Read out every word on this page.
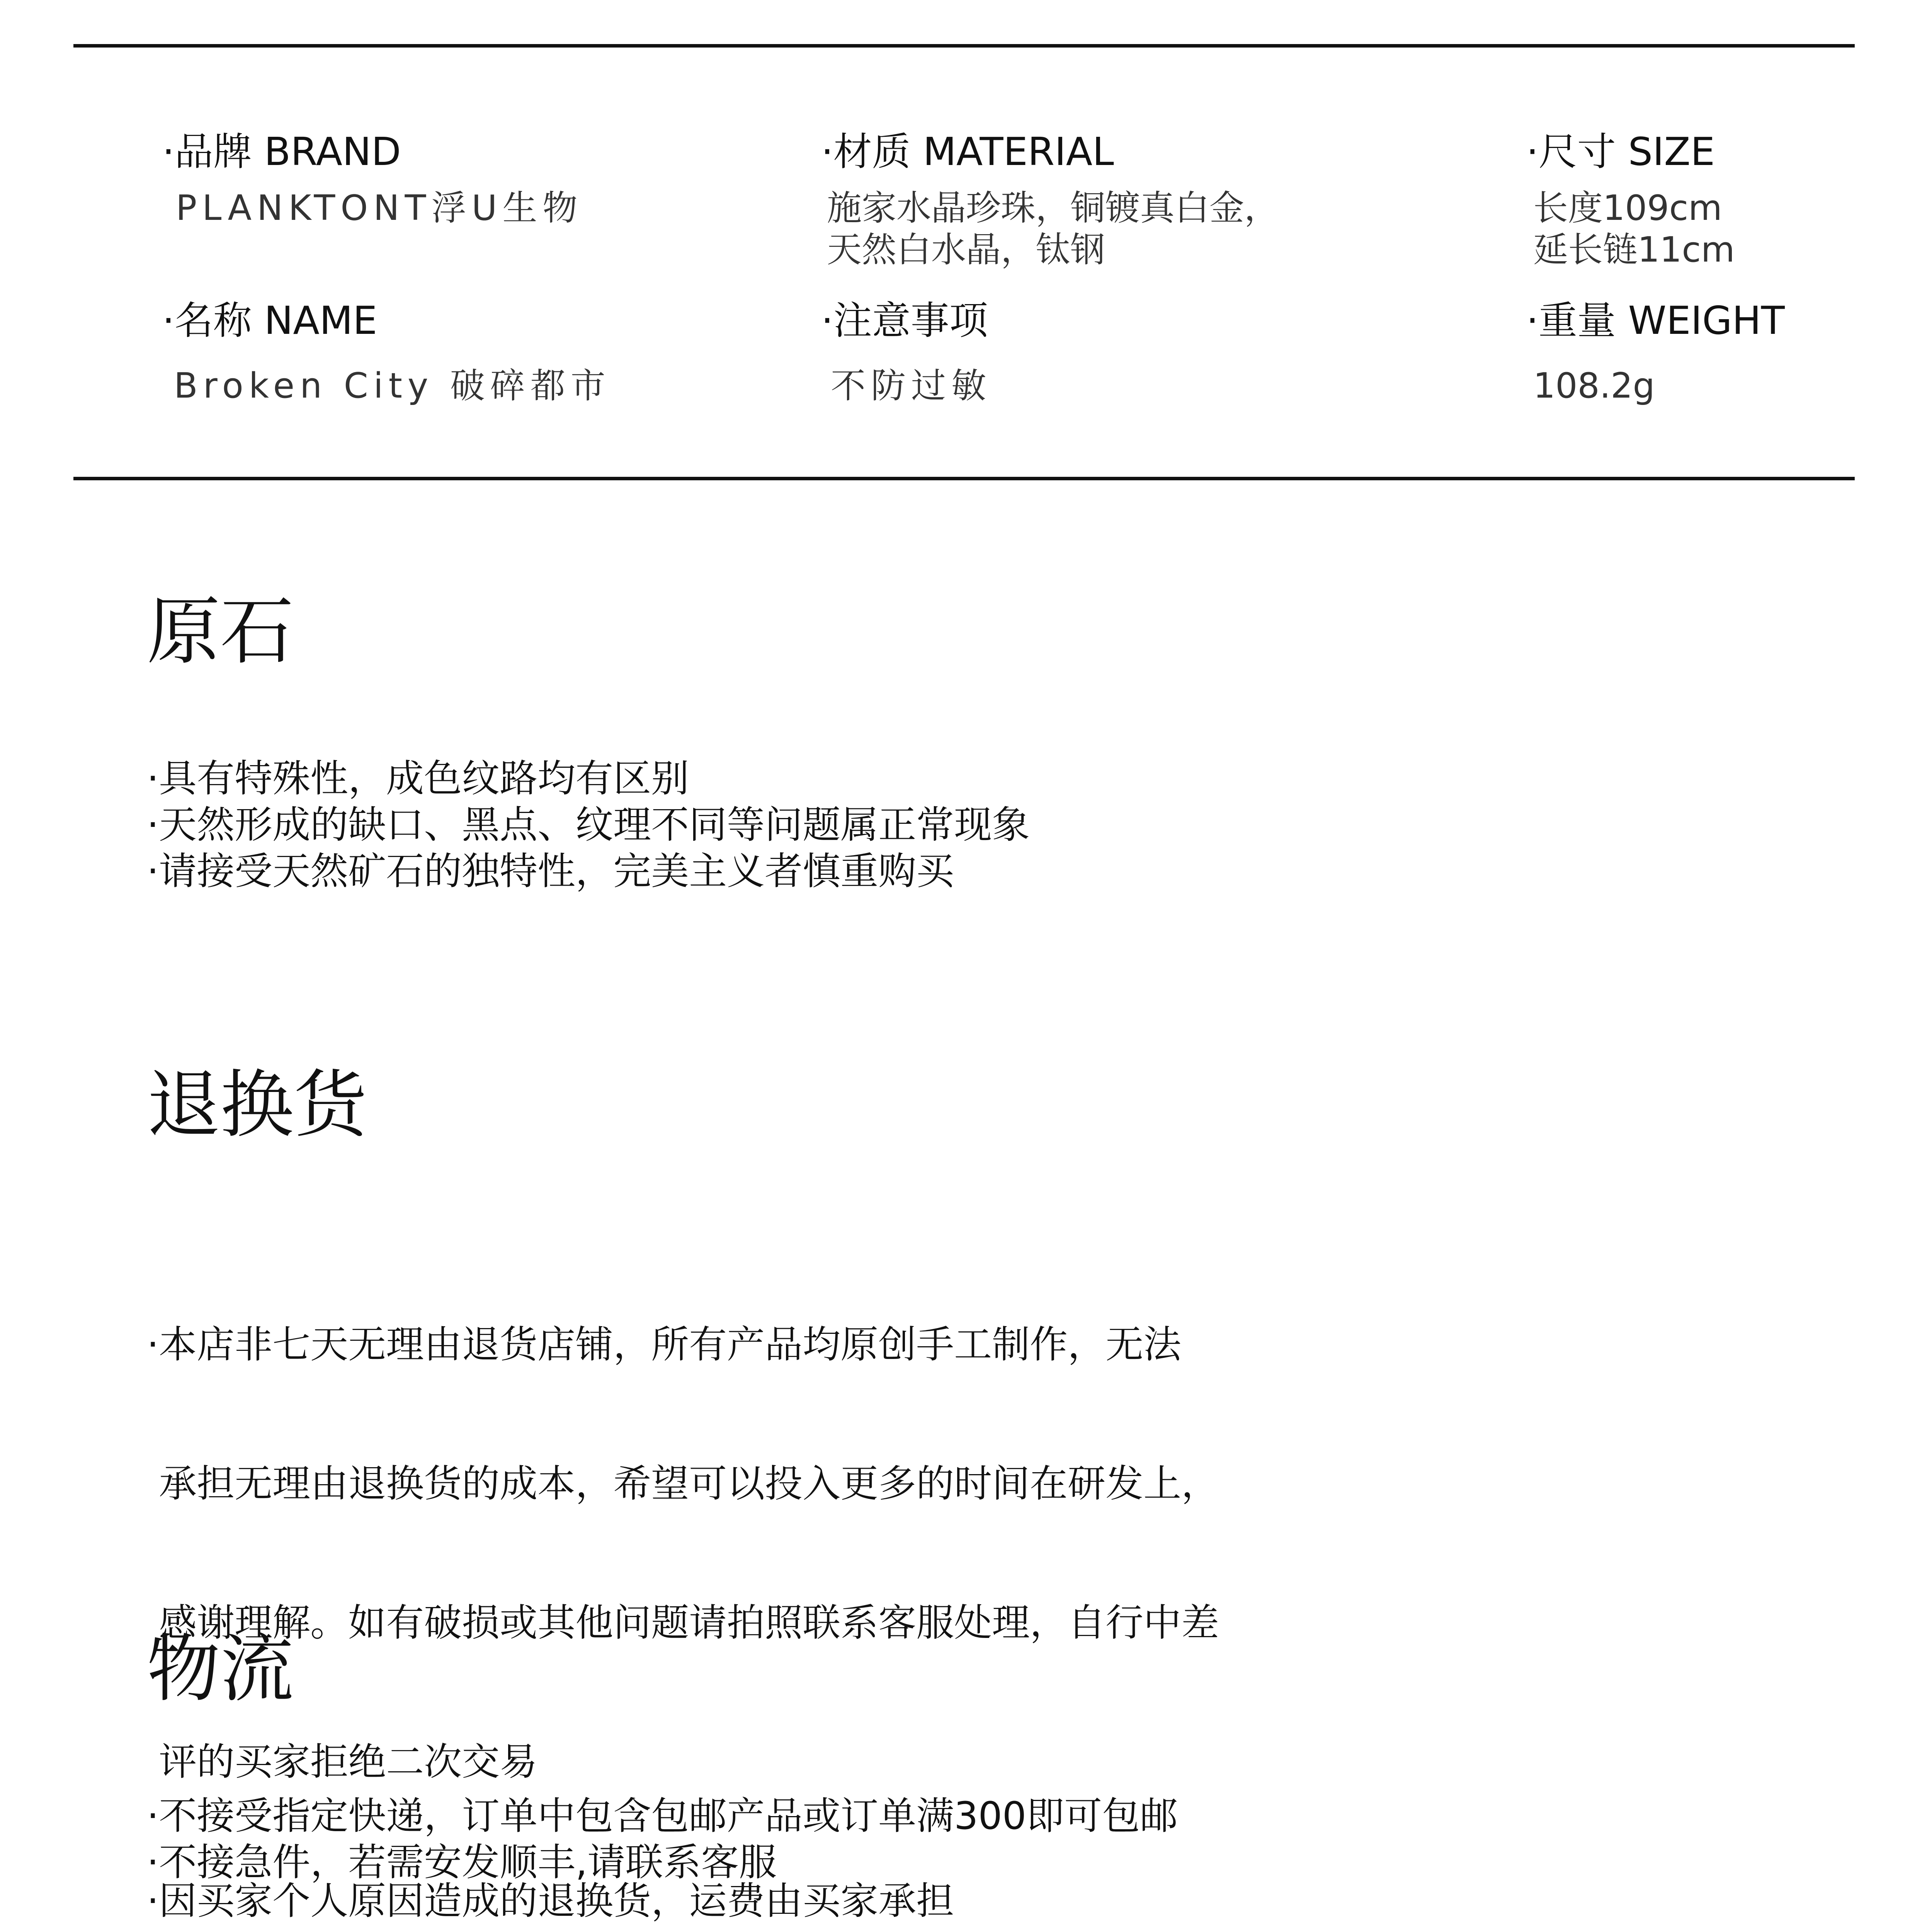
·品牌 BRAND
PLANKTONT浮U生物
·材质 MATERIAL
施家水晶珍珠，铜镀真白金，
天然白水晶，钛钢
·尺寸 SIZE
长度109cm
延长链11cm
·名称 NAME
Broken City 破碎都市
·注意事项
不防过敏
·重量 WEIGHT
108.2g
原石
·具有特殊性，成色纹路均有区别
·天然形成的缺口、黑点、纹理不同等问题属正常现象
·请接受天然矿石的独特性，完美主义者慎重购买
退换货

·本店非七天无理由退货店铺，所有产品均原创手工制作，无法

承担无理由退换货的成本，希望可以投入更多的时间在研发上，

感谢理解。如有破损或其他问题请拍照联系客服处理，自行中差

评的买家拒绝二次交易

·因买家个人原因造成的退换货，运费由买家承担

物流
·不接受指定快递，订单中包含包邮产品或订单满300即可包邮
·不接急件，若需安发顺丰,请联系客服
